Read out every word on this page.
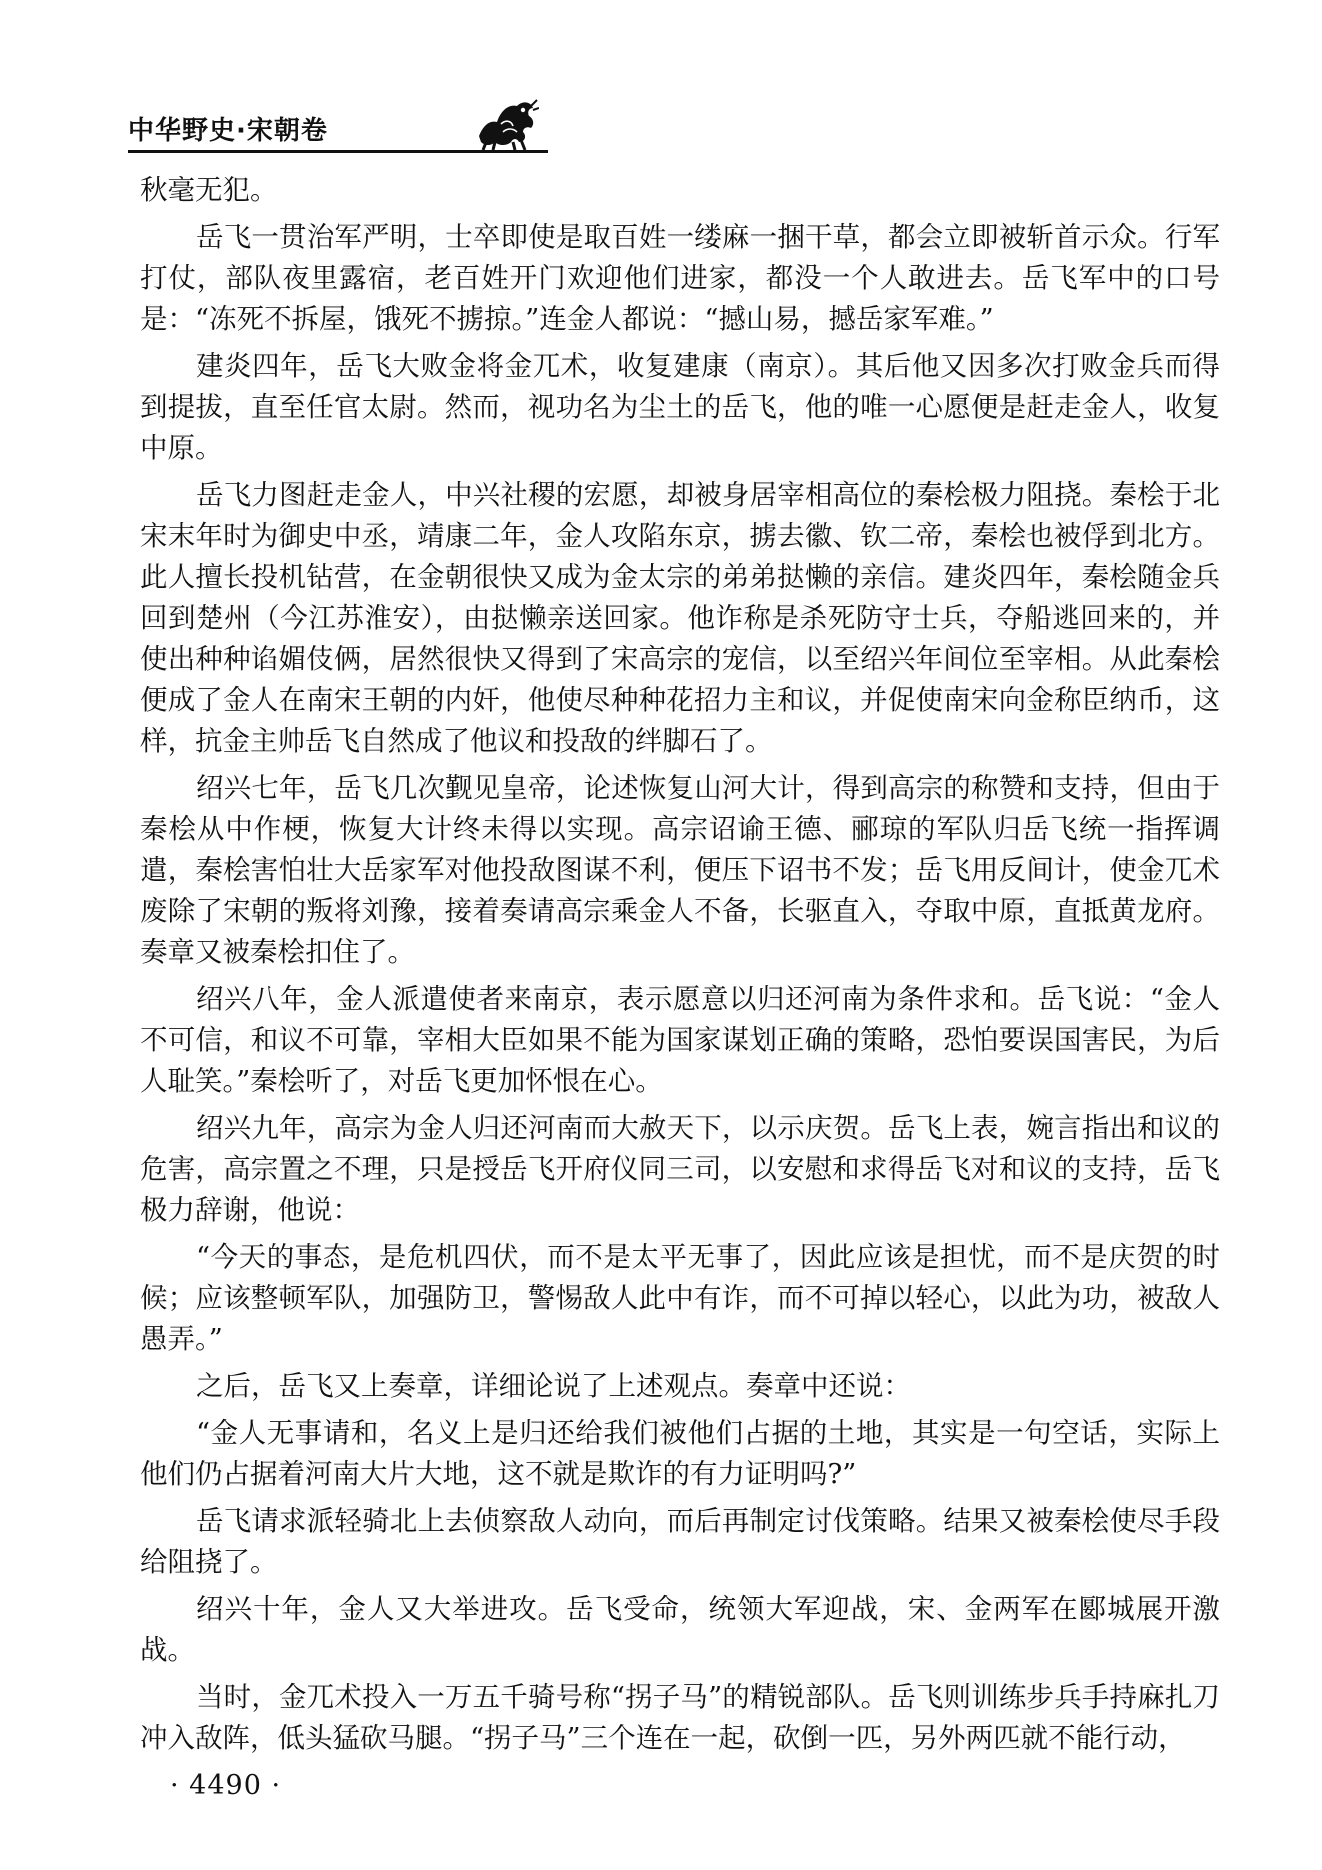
中华野史·宋朝卷

秋毫无犯。

岳飞一贯治军严明，士卒即使是取百姓一缕麻一捆干草，都会立即被斩首示众。行军打仗，部队夜里露宿，老百姓开门欢迎他们进家，都没一个人敢进去。岳飞军中的口号是：“冻死不拆屋，饿死不掳掠。”连金人都说：“撼山易，撼岳家军难。”

建炎四年，岳飞大败金将金兀术，收复建康（南京）。其后他又因多次打败金兵而得到提拔，直至任官太尉。然而，视功名为尘土的岳飞，他的唯一心愿便是赶走金人，收复中原。

岳飞力图赶走金人，中兴社稷的宏愿，却被身居宰相高位的秦桧极力阻挠。秦桧于北宋末年时为御史中丞，靖康二年，金人攻陷东京，掳去徽、钦二帝，秦桧也被俘到北方。此人擅长投机钻营，在金朝很快又成为金太宗的弟弟挞懒的亲信。建炎四年，秦桧随金兵回到楚州（今江苏淮安），由挞懒亲送回家。他诈称是杀死防守士兵，夺船逃回来的，并使出种种谄媚伎俩，居然很快又得到了宋高宗的宠信，以至绍兴年间位至宰相。从此秦桧便成了金人在南宋王朝的内奸，他使尽种种花招力主和议，并促使南宋向金称臣纳币，这样，抗金主帅岳飞自然成了他议和投敌的绊脚石了。

绍兴七年，岳飞几次觐见皇帝，论述恢复山河大计，得到高宗的称赞和支持，但由于秦桧从中作梗，恢复大计终未得以实现。高宗诏谕王德、郦琼的军队归岳飞统一指挥调遣，秦桧害怕壮大岳家军对他投敌图谋不利，便压下诏书不发；岳飞用反间计，使金兀术废除了宋朝的叛将刘豫，接着奏请高宗乘金人不备，长驱直入，夺取中原，直抵黄龙府。奏章又被秦桧扣住了。

绍兴八年，金人派遣使者来南京，表示愿意以归还河南为条件求和。岳飞说：“金人不可信，和议不可靠，宰相大臣如果不能为国家谋划正确的策略，恐怕要误国害民，为后人耻笑。”秦桧听了，对岳飞更加怀恨在心。

绍兴九年，高宗为金人归还河南而大赦天下，以示庆贺。岳飞上表，婉言指出和议的危害，高宗置之不理，只是授岳飞开府仪同三司，以安慰和求得岳飞对和议的支持，岳飞极力辞谢，他说：

“今天的事态，是危机四伏，而不是太平无事了，因此应该是担忧，而不是庆贺的时候；应该整顿军队，加强防卫，警惕敌人此中有诈，而不可掉以轻心，以此为功，被敌人愚弄。”

之后，岳飞又上奏章，详细论说了上述观点。奏章中还说：

“金人无事请和，名义上是归还给我们被他们占据的土地，其实是一句空话，实际上他们仍占据着河南大片大地，这不就是欺诈的有力证明吗?”

岳飞请求派轻骑北上去侦察敌人动向，而后再制定讨伐策略。结果又被秦桧使尽手段给阻挠了。

绍兴十年，金人又大举进攻。岳飞受命，统领大军迎战，宋、金两军在郾城展开激战。

当时，金兀术投入一万五千骑号称“拐子马”的精锐部队。岳飞则训练步兵手持麻扎刀冲入敌阵，低头猛砍马腿。“拐子马”三个连在一起，砍倒一匹，另外两匹就不能行动，

· 4490 ·
